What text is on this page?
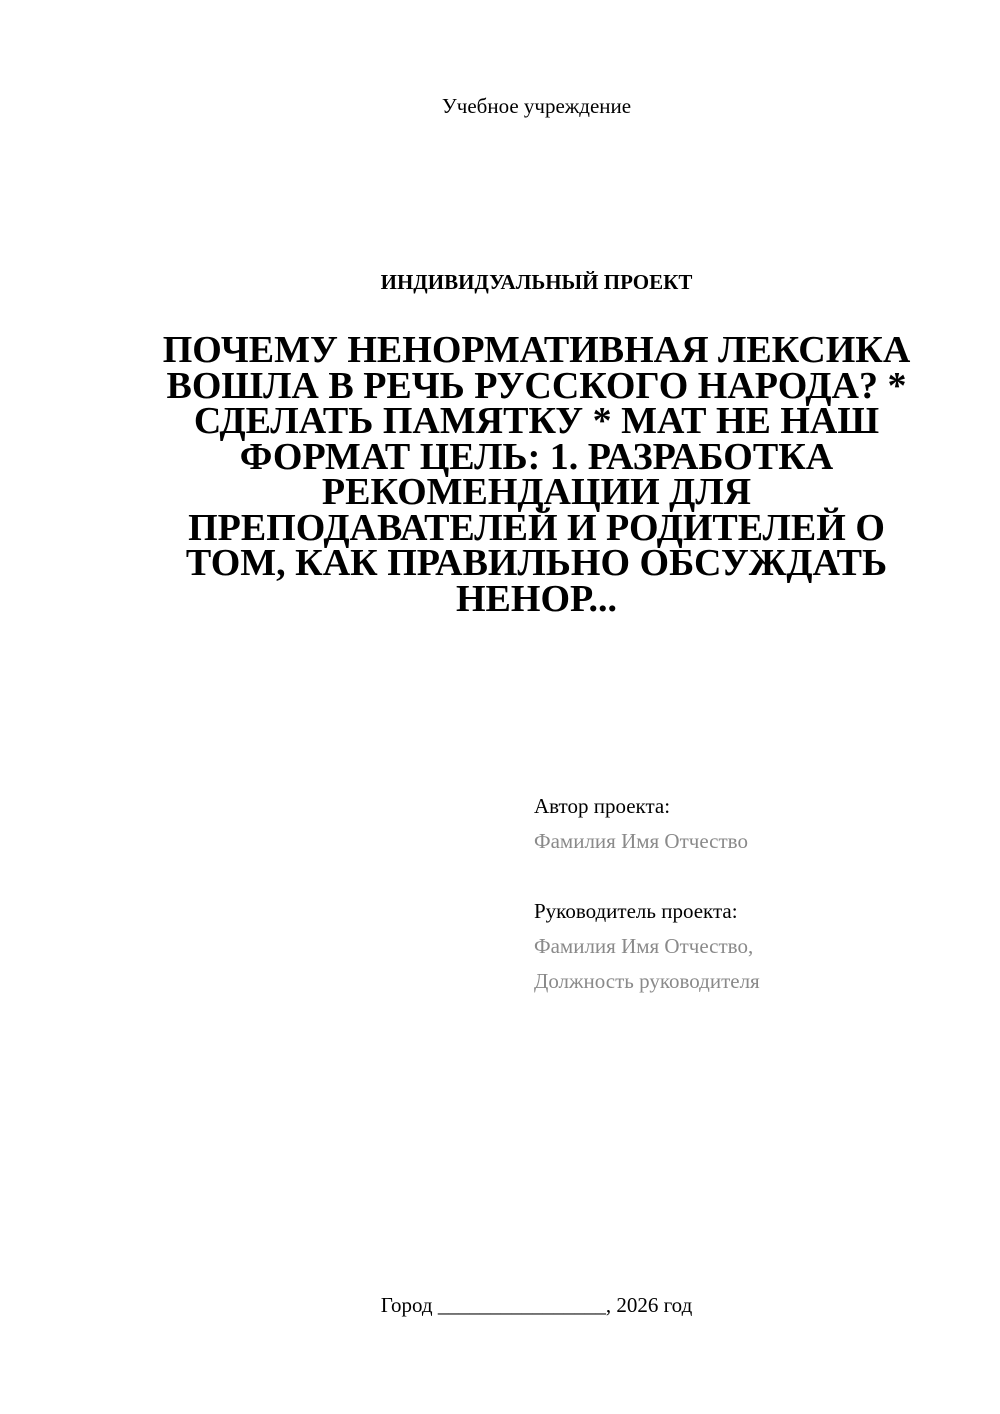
Учебное учреждение
ИНДИВИДУАЛЬНЫЙ ПРОЕКТ
ПОЧЕМУ НЕНОРМАТИВНАЯ ЛЕКСИКА ВОШЛА В РЕЧЬ РУССКОГО НАРОДА? * СДЕЛАТЬ ПАМЯТКУ * МАТ НЕ НАШ ФОРМАТ ЦЕЛЬ: 1. РАЗРАБОТКА РЕКОМЕНДАЦИИ ДЛЯ ПРЕПОДАВАТЕЛЕЙ И РОДИТЕЛЕЙ О ТОМ, КАК ПРАВИЛЬНО ОБСУЖДАТЬ НЕНОР...
Автор проекта:
Фамилия Имя Отчество
Руководитель проекта:
Фамилия Имя Отчество,
Должность руководителя
Город ________________, 2026 год
